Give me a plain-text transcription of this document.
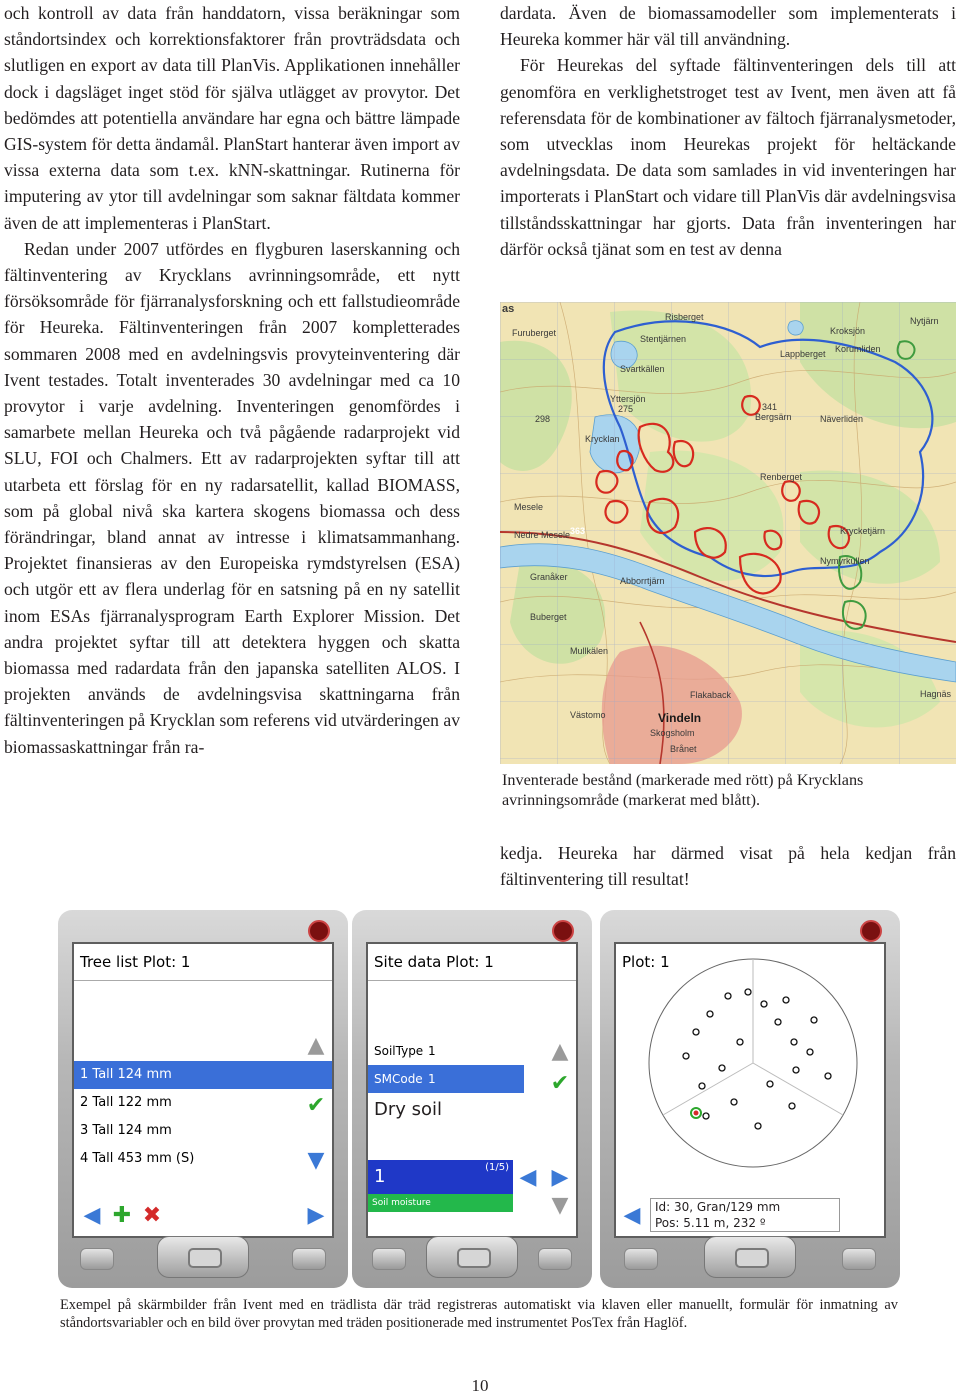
och kontroll av data från handdatorn, vissa beräkningar som ståndortsindex och korrektionsfaktorer från provträdsdata och slutligen en export av data till PlanVis. Applikationen innehåller dock i dagsläget inget stöd för själva utlägget av provytor. Det bedömdes att potentiella användare har egna och bättre lämpade GIS-system för detta ändamål. PlanStart hanterar även import av vissa externa data som t.ex. kNN-skattningar. Rutinerna för imputering av ytor till avdelningar som saknar fältdata kommer även de att implementeras i PlanStart.

Redan under 2007 utfördes en flygburen laserskanning och fältinventering av Krycklans avrinningsområde, ett nytt försöksområde för fjärranalysforskning och ett fallstudieområde för Heureka. Fältinventeringen från 2007 kompletterades sommaren 2008 med en avdelningsvis provyteinventering där Ivent testades. Totalt inventerades 30 avdelningar med ca 10 provytor i varje avdelning. Inventeringen genomfördes i samarbete mellan Heureka och två pågående radarprojekt vid SLU, FOI och Chalmers. Ett av radarprojekten syftar till att utarbeta ett förslag för en ny radarsatellit, kallad BIOMASS, som på global nivå ska kartera skogens biomassa och dess förändringar, bland annat av intresse i klimatsammanhang. Projektet finansieras av den Europeiska rymdstyrelsen (ESA) och utgör ett av flera underlag för en satsning på en ny satellit inom ESAs fjärranalysprogram Earth Explorer Mission. Det andra projektet syftar till att detektera hyggen och skatta biomassa med radardata från den japanska satelliten ALOS. I projekten används de avdelningsvisa skattningarna från fältinventeringen på Krycklan som referens vid utvärderingen av biomassaskattningar från ra-

dardata. Även de biomassamodeller som implementerats i Heureka kommer här väl till användning.

För Heurekas del syftade fältinventeringen dels till att genomföra en verklighetstroget test av Ivent, men även att få referensdata för de kombinationer av fältoch fjärranalysmetoder, som utvecklas inom Heurekas projekt för heltäckande avdelningsdata. De data som samlades in vid inventeringen har importerats i PlanStart och vidare till PlanVis där avdelningsvisa tillståndsskattningar har gjorts. Data från inventeringen har därför också tjänat som en test av denna

as
Risberget
Furuberget	Kroksjön
Korumliden
Nytjärn
Stentjärnen
Svartkällen
Lappberget
Yttersjön
275
298
341
Bergsärn	Näverliden
Krycklan
Renberget
Mesele
Nedre Mesele
Granåker	Abborrtjärn
Krycketjärn
Nymyrkullen
Buberget
Mullkälen
Västomo
Flakaback
Vindeln
Skogsholm
Brånet
Hagnäs
363
Inventerade bestånd (markerade med rött) på Krycklans avrinningsområde (markerat med blått).

kedja. Heureka har därmed visat på hela kedjan från fältinventering till resultat!

Tree list Plot: 1
1 Tall 124 mm
2 Tall 122 mm
3 Tall 124 mm
4 Tall 453 mm (S)
▲
✔
▼
◀ ✚ ✖	▶
Site data Plot: 1
SoilType 1
SMCode 1
Dry soil
1	(1/5)
Soil moisture
▲
✔
◀ ▶
▼
Plot: 1
◀ Id: 30, Gran/129 mm
Pos: 5.11 m, 232 º
Exempel på skärmbilder från Ivent med en trädlista där träd registreras automatiskt via klaven eller manuellt, formulär för inmatning av ståndortsvariabler och en bild över provytan med träden positionerade med instrumentet PosTex från Haglöf.
10
